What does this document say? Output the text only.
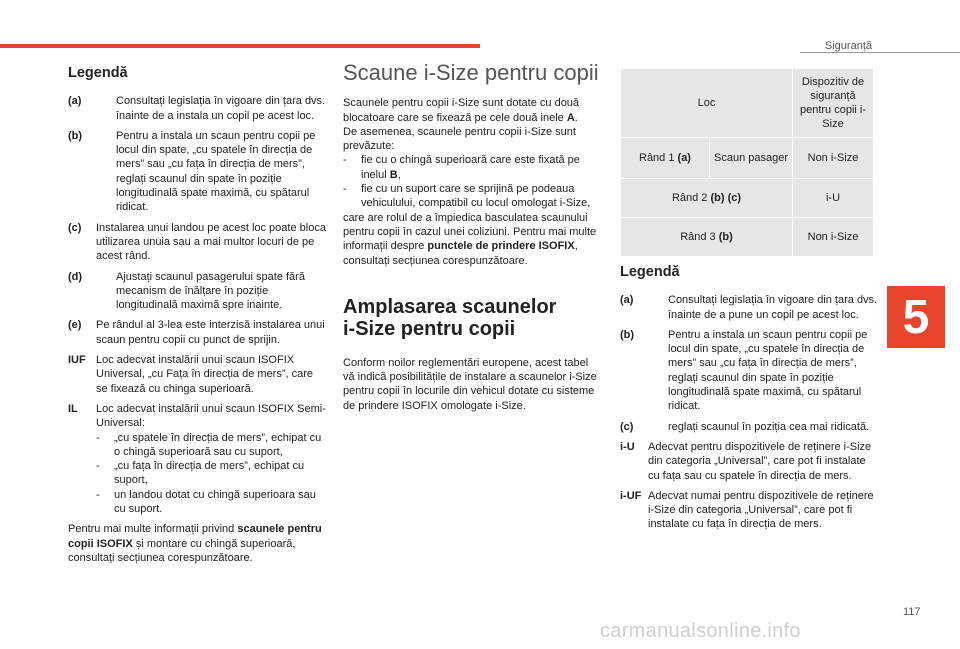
Siguranță
5
117
carmanualsonline.info
Legendă
(a)	Consultați legislația în vigoare din țara dvs. înainte de a instala un copil pe acest loc.
(b)	Pentru a instala un scaun pentru copii pe locul din spate, „cu spatele în direcția de mers” sau „cu fața în direcția de mers”, reglați scaunul din spate în poziție longitudinală spate maximă, cu spătarul ridicat.
(c)	Instalarea unui landou pe acest loc poate bloca utilizarea unuia sau a mai multor locuri de pe acest rând.
(d)	Ajustați scaunul pasagerului spate fără mecanism de înălțare în poziție longitudinală maximă spre inainte.
(e)	Pe rândul al 3-lea este interzisă instalarea unui scaun pentru copii cu punct de sprijin.
IUF Loc adecvat instalării unui scaun ISOFIX Universal, „cu Fața în direcția de mers”, care se fixează cu chinga superioară.
IL	Loc adecvat instalării unui scaun ISOFIX Semi-Universal:

-	„cu spatele în direcția de mers”, echipat cu o chingă superioară sau cu suport,
-	„cu fața în direcția de mers”, echipat cu suport,
-	un landou dotat cu chingă superioara sau cu suport.

Pentru mai multe informații privind scaunele pentru copii ISOFIX și montare cu chingă superioară, consultați secțiunea corespunzătoare.

Scaune i-Size pentru copii

Scaunele pentru copii i-Size sunt dotate cu două blocatoare care se fixează pe cele două inele A.

De asemenea, scaunele pentru copii i-Size sunt prevăzute:

-	fie cu o chingă superioară care este fixată pe inelul B,
-	fie cu un suport care se sprijină pe podeaua vehiculului, compatibil cu locul omologat i-Size,

care are rolul de a împiedica basculatea scaunului pentru copii în cazul unei coliziuni. Pentru mai multe informații despre punctele de prindere ISOFIX, consultați secțiunea corespunzătoare.

Amplasarea scaunelor
i-Size pentru copii

Conform noilor reglementări europene, acest tabel vă indică posibilitățile de instalare a scaunelor i-Size pentru copii în locurile din vehicul dotate cu sisteme de prindere ISOFIX omologate i-Size.

Loc		Dispozitiv de siguranță pentru copii i-Size
Rând 1 (a)	Scaun pasager	Non i-Size
Rând 2 (b) (c)		i-U
Rând 3 (b)		Non i-Size
Legendă
(a)	Consultați legislația în vigoare din țara dvs. înainte de a pune un copil pe acest loc.
(b)	Pentru a instala un scaun pentru copii pe locul din spate, „cu spatele în direcția de mers” sau „cu fața în direcția de mers”, reglați scaunul din spate în poziție longitudinală spate maximă, cu spătarul ridicat.
(c)	reglați scaunul în poziția cea mai ridicată.
i-U	Adecvat pentru dispozitivele de reținere i-Size din categoria „Universal”, care pot fi instalate cu fața sau cu spatele în direcția de mers.
i-UF Adecvat numai pentru dispozitivele de reținere i-Size din categoria „Universal”, care pot fi instalate cu fața în direcția de mers.
